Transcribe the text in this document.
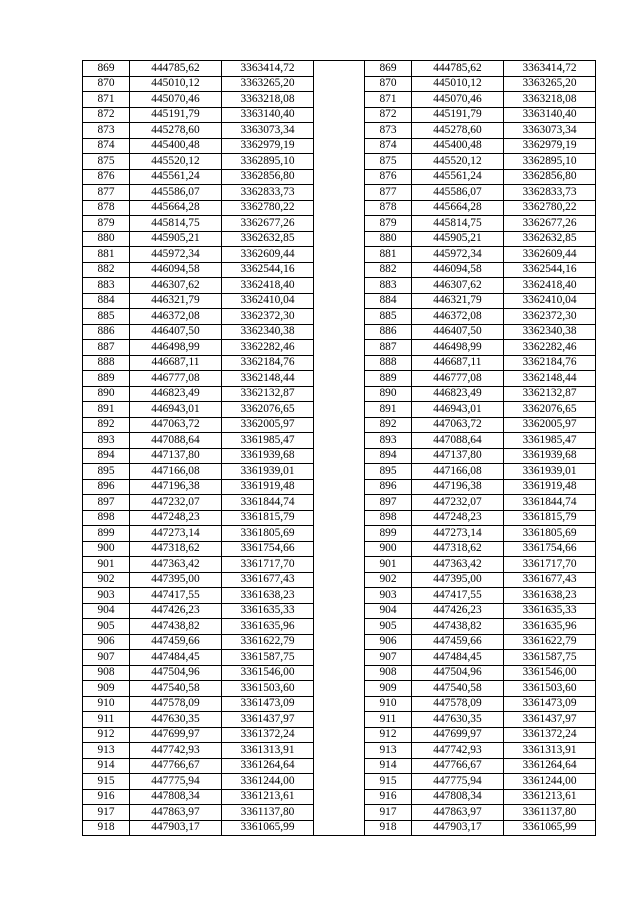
869	444785,62	3363414,72		869	444785,62	3363414,72
870	445010,12	3363265,20		870	445010,12	3363265,20
871	445070,46	3363218,08		871	445070,46	3363218,08
872	445191,79	3363140,40		872	445191,79	3363140,40
873	445278,60	3363073,34		873	445278,60	3363073,34
874	445400,48	3362979,19		874	445400,48	3362979,19
875	445520,12	3362895,10		875	445520,12	3362895,10
876	445561,24	3362856,80		876	445561,24	3362856,80
877	445586,07	3362833,73		877	445586,07	3362833,73
878	445664,28	3362780,22		878	445664,28	3362780,22
879	445814,75	3362677,26		879	445814,75	3362677,26
880	445905,21	3362632,85		880	445905,21	3362632,85
881	445972,34	3362609,44		881	445972,34	3362609,44
882	446094,58	3362544,16		882	446094,58	3362544,16
883	446307,62	3362418,40		883	446307,62	3362418,40
884	446321,79	3362410,04		884	446321,79	3362410,04
885	446372,08	3362372,30		885	446372,08	3362372,30
886	446407,50	3362340,38		886	446407,50	3362340,38
887	446498,99	3362282,46		887	446498,99	3362282,46
888	446687,11	3362184,76		888	446687,11	3362184,76
889	446777,08	3362148,44		889	446777,08	3362148,44
890	446823,49	3362132,87		890	446823,49	3362132,87
891	446943,01	3362076,65		891	446943,01	3362076,65
892	447063,72	3362005,97		892	447063,72	3362005,97
893	447088,64	3361985,47		893	447088,64	3361985,47
894	447137,80	3361939,68		894	447137,80	3361939,68
895	447166,08	3361939,01		895	447166,08	3361939,01
896	447196,38	3361919,48		896	447196,38	3361919,48
897	447232,07	3361844,74		897	447232,07	3361844,74
898	447248,23	3361815,79		898	447248,23	3361815,79
899	447273,14	3361805,69		899	447273,14	3361805,69
900	447318,62	3361754,66		900	447318,62	3361754,66
901	447363,42	3361717,70		901	447363,42	3361717,70
902	447395,00	3361677,43		902	447395,00	3361677,43
903	447417,55	3361638,23		903	447417,55	3361638,23
904	447426,23	3361635,33		904	447426,23	3361635,33
905	447438,82	3361635,96		905	447438,82	3361635,96
906	447459,66	3361622,79		906	447459,66	3361622,79
907	447484,45	3361587,75		907	447484,45	3361587,75
908	447504,96	3361546,00		908	447504,96	3361546,00
909	447540,58	3361503,60		909	447540,58	3361503,60
910	447578,09	3361473,09		910	447578,09	3361473,09
911	447630,35	3361437,97		911	447630,35	3361437,97
912	447699,97	3361372,24		912	447699,97	3361372,24
913	447742,93	3361313,91		913	447742,93	3361313,91
914	447766,67	3361264,64		914	447766,67	3361264,64
915	447775,94	3361244,00		915	447775,94	3361244,00
916	447808,34	3361213,61		916	447808,34	3361213,61
917	447863,97	3361137,80		917	447863,97	3361137,80
918	447903,17	3361065,99		918	447903,17	3361065,99
